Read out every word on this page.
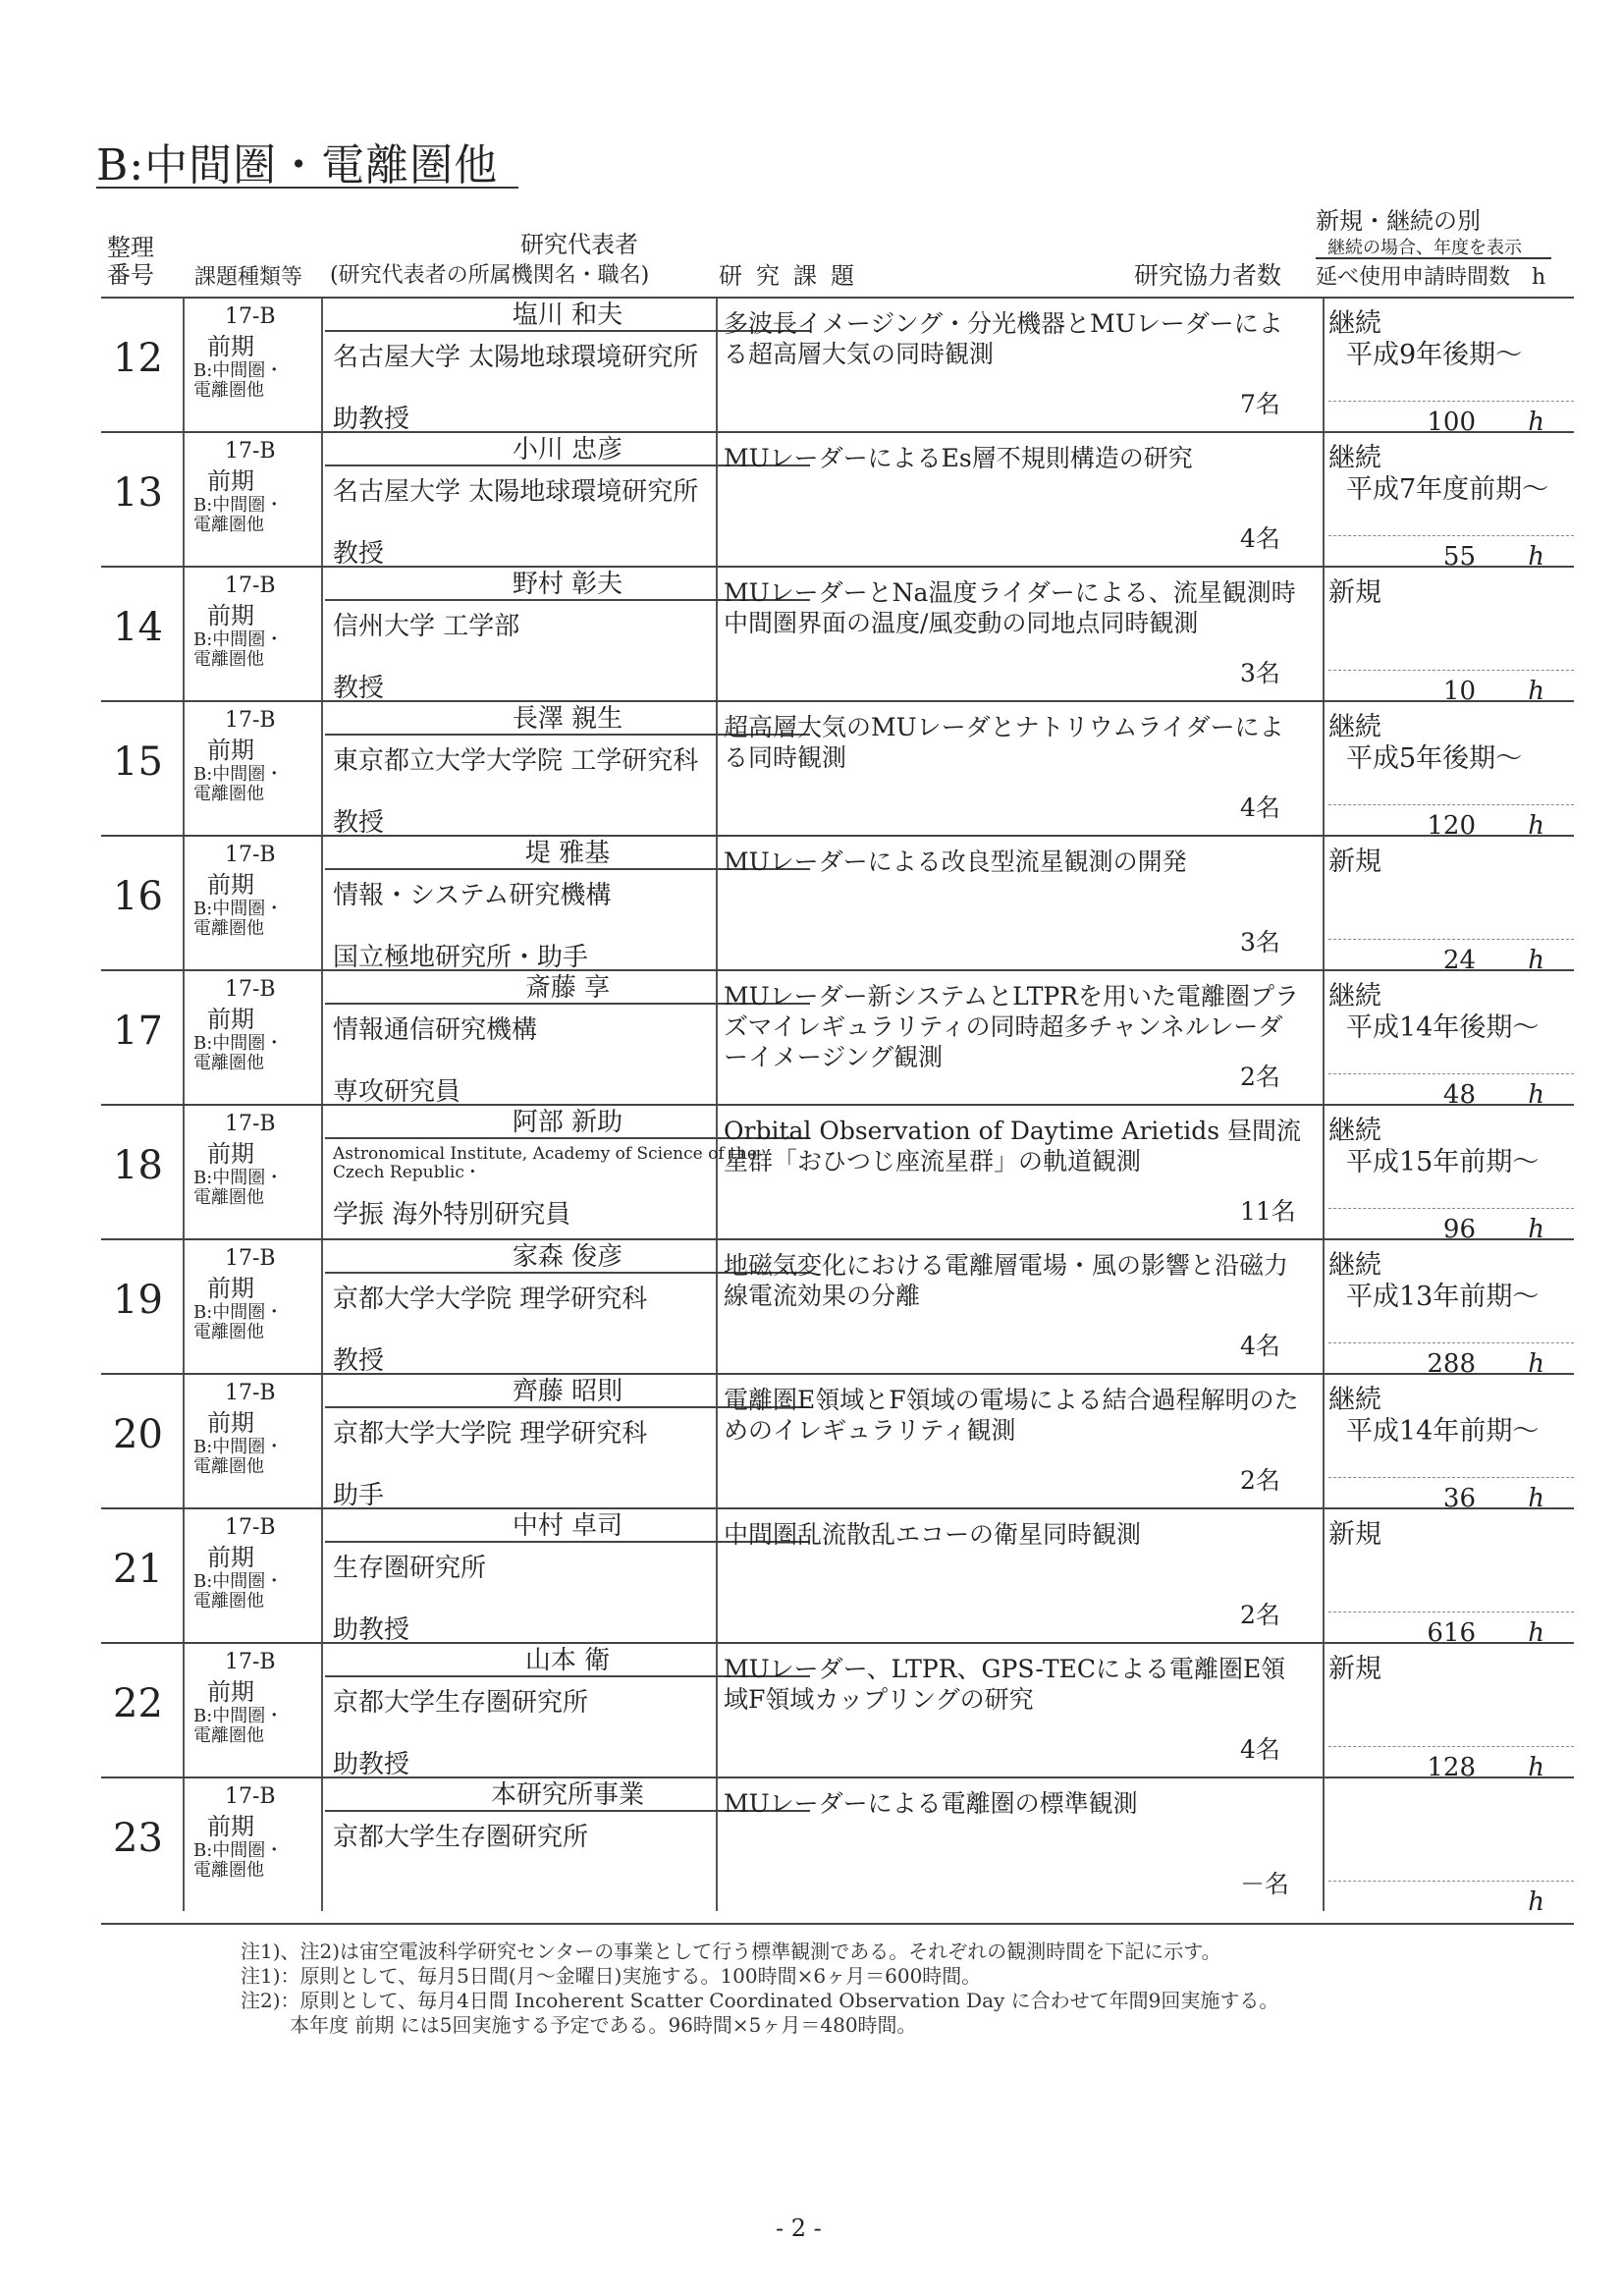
B:中間圏・電離圏他
整理番号 課題種類等
研究代表者
(研究代表者の所属機関名・職名)	研究課題	研究協力者数
新規・継続の別
継続の場合、年度を表示
延べ使用申請時間数　h
12
17-B
前期
B:中間圏・
電離圏他
塩川 和夫
名古屋大学 太陽地球環境研究所
助教授
多波長イメージング・分光機器とMUレーダーによる超高層大気の同時観測
7名
継続
平成9年後期～
100 h
13
17-B
前期
B:中間圏・
電離圏他
小川 忠彦
名古屋大学 太陽地球環境研究所
教授
MUレーダーによるEs層不規則構造の研究
4名
継続
平成7年度前期～
55 h
14
17-B
前期
B:中間圏・
電離圏他
野村 彰夫
信州大学 工学部
教授
MUレーダーとNa温度ライダーによる、流星観測時中間圏界面の温度/風変動の同地点同時観測
3名
新規
10 h
15
17-B
前期
B:中間圏・
電離圏他
長澤 親生
東京都立大学大学院 工学研究科
教授
超高層大気のMUレーダとナトリウムライダーによる同時観測
4名
継続
平成5年後期～
120 h
16
17-B
前期
B:中間圏・
電離圏他
堤 雅基
情報・システム研究機構
国立極地研究所・助手
MUレーダーによる改良型流星観測の開発
3名
新規
24 h
17
17-B
前期
B:中間圏・
電離圏他
斎藤 享
情報通信研究機構
専攻研究員
MUレーダー新システムとLTPRを用いた電離圏プラズマイレギュラリティの同時超多チャンネルレーダーイメージング観測
2名
継続
平成14年後期～
48 h
18
17-B
前期
B:中間圏・
電離圏他
阿部 新助
Astronomical Institute, Academy of Science of the Czech Republic・
学振 海外特別研究員
Orbital Observation of Daytime Arietids 昼間流星群「おひつじ座流星群」の軌道観測
11名
継続
平成15年前期～
96 h
19
17-B
前期
B:中間圏・
電離圏他
家森 俊彦
京都大学大学院 理学研究科
教授
地磁気変化における電離層電場・風の影響と沿磁力線電流効果の分離
4名
継続
平成13年前期～
288 h
20
17-B
前期
B:中間圏・
電離圏他
齊藤 昭則
京都大学大学院 理学研究科
助手
電離圏E領域とF領域の電場による結合過程解明のためのイレギュラリティ観測
2名
継続
平成14年前期～
36 h
21
17-B
前期
B:中間圏・
電離圏他
中村 卓司
生存圏研究所
助教授
中間圏乱流散乱エコーの衛星同時観測
2名
新規
616 h
22
17-B
前期
B:中間圏・
電離圏他
山本 衛
京都大学生存圏研究所
助教授
MUレーダー、LTPR、GPS-TECによる電離圏E領域F領域カップリングの研究
4名
新規
128 h
23
17-B
前期
B:中間圏・
電離圏他
本研究所事業
京都大学生存圏研究所
MUレーダーによる電離圏の標準観測
－名
h
注1)、注2)は宙空電波科学研究センターの事業として行う標準観測である。それぞれの観測時間を下記に示す。
注1)：原則として、毎月5日間(月～金曜日)実施する。100時間×6ヶ月＝600時間。
注2)：原則として、毎月4日間 Incoherent Scatter Coordinated Observation Day に合わせて年間9回実施する。
本年度 前期 には5回実施する予定である。96時間×5ヶ月＝480時間。
- 2 -
